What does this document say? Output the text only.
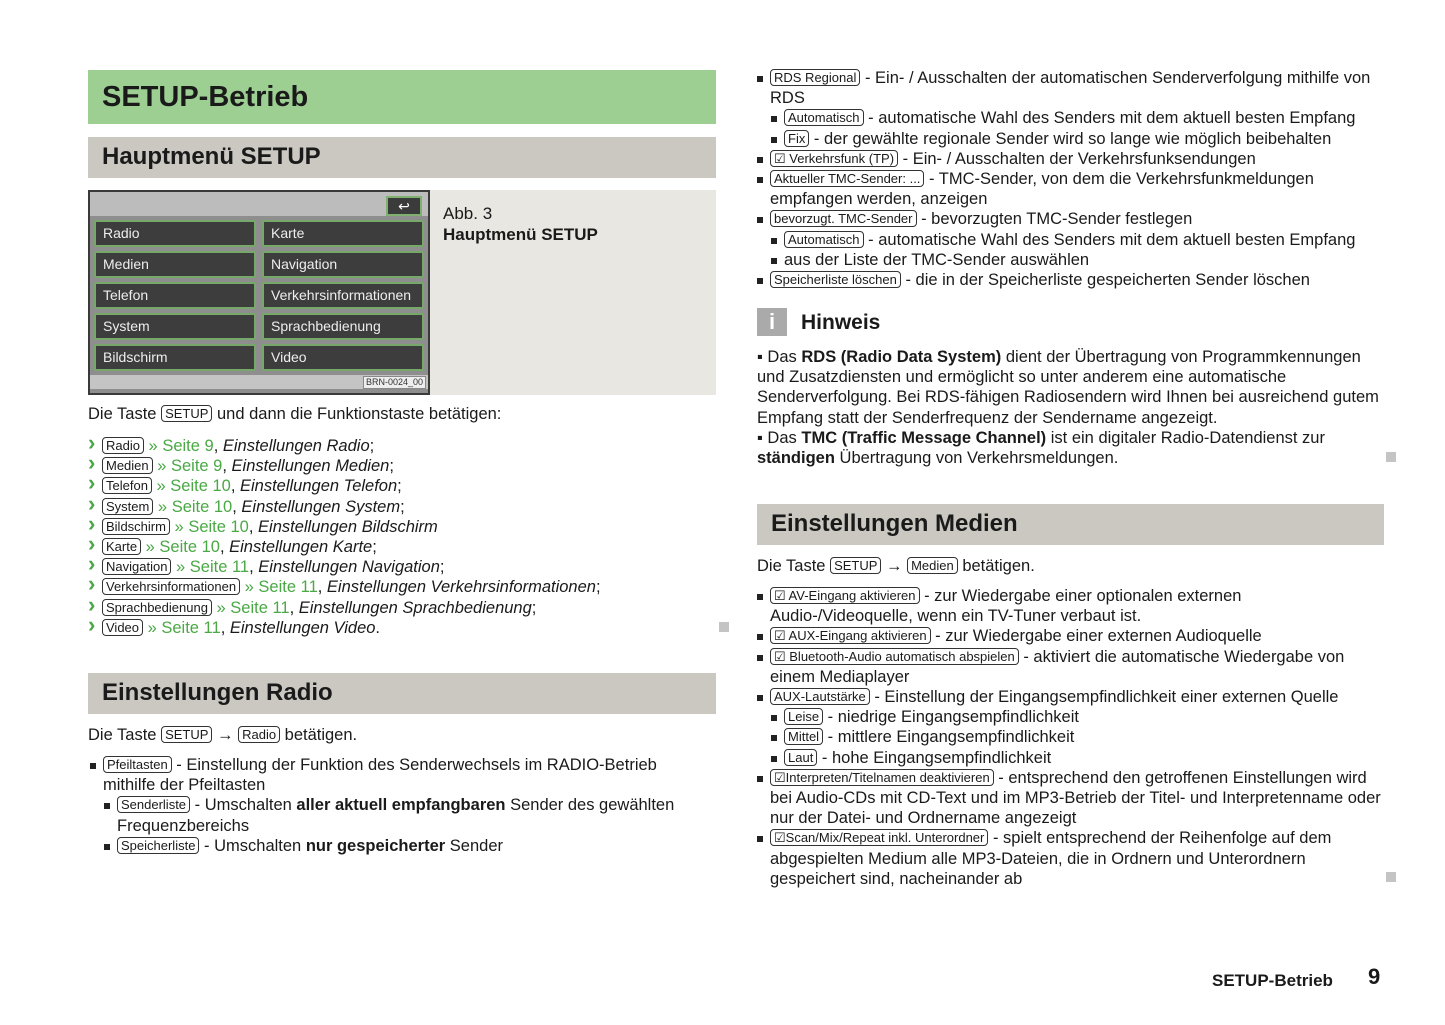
SETUP-Betrieb
Hauptmenü SETUP
↩
Radio	Karte
Medien	Navigation
Telefon	Verkehrsinformationen
System	Sprachbedienung
Bildschirm	Video
BRN-0024_00
Abb. 3
Hauptmenü SETUP
Die Taste SETUP und dann die Funktionstaste betätigen:
› Radio » Seite 9, Einstellungen Radio;
› Medien » Seite 9, Einstellungen Medien;
› Telefon » Seite 10, Einstellungen Telefon;
› System » Seite 10, Einstellungen System;
› Bildschirm » Seite 10, Einstellungen Bildschirm
› Karte » Seite 10, Einstellungen Karte;
› Navigation » Seite 11, Einstellungen Navigation;
› Verkehrsinformationen » Seite 11, Einstellungen Verkehrsinformationen;
› Sprachbedienung » Seite 11, Einstellungen Sprachbedienung;
› Video » Seite 11, Einstellungen Video.
Einstellungen Radio
Die Taste SETUP → Radio betätigen.
Pfeiltasten - Einstellung der Funktion des Senderwechsels im RADIO-Betrieb mithilfe der Pfeiltasten
Senderliste - Umschalten aller aktuell empfangbaren Sender des gewählten Frequenzbereichs
Speicherliste - Umschalten nur gespeicherter Sender
RDS Regional - Ein- / Ausschalten der automatischen Senderverfolgung mithilfe von RDS
Automatisch - automatische Wahl des Senders mit dem aktuell besten Empfang
Fix - der gewählte regionale Sender wird so lange wie möglich beibehalten
☑ Verkehrsfunk (TP) - Ein- / Ausschalten der Verkehrsfunksendungen
Aktueller TMC-Sender: ... - TMC-Sender, von dem die Verkehrsfunkmeldungen empfangen werden, anzeigen
bevorzugt. TMC-Sender - bevorzugten TMC-Sender festlegen
Automatisch - automatische Wahl des Senders mit dem aktuell besten Empfang
aus der Liste der TMC-Sender auswählen
Speicherliste löschen - die in der Speicherliste gespeicherten Sender löschen
i	Hinweis
▪ Das RDS (Radio Data System) dient der Übertragung von Programmkennungen und Zusatzdiensten und ermöglicht so unter anderem eine automatische Senderverfolgung. Bei RDS-fähigen Radiosendern wird Ihnen bei ausreichend gutem Empfang statt der Senderfrequenz der Sendername angezeigt.
▪ Das TMC (Traffic Message Channel) ist ein digitaler Radio-Datendienst zur ständigen Übertragung von Verkehrsmeldungen.
Einstellungen Medien
Die Taste SETUP → Medien betätigen.
☑ AV-Eingang aktivieren - zur Wiedergabe einer optionalen externen Audio-/Videoquelle, wenn ein TV-Tuner verbaut ist.
☑ AUX-Eingang aktivieren - zur Wiedergabe einer externen Audioquelle
☑ Bluetooth-Audio automatisch abspielen - aktiviert die automatische Wiedergabe von einem Mediaplayer
AUX-Lautstärke - Einstellung der Eingangsempfindlichkeit einer externen Quelle
Leise - niedrige Eingangsempfindlichkeit
Mittel - mittlere Eingangsempfindlichkeit
Laut - hohe Eingangsempfindlichkeit
☑Interpreten/Titelnamen deaktivieren - entsprechend den getroffenen Einstellungen wird bei Audio-CDs mit CD-Text und im MP3-Betrieb der Titel- und Interpretenname oder nur der Datei- und Ordnername angezeigt
☑Scan/Mix/Repeat inkl. Unterordner - spielt entsprechend der Reihenfolge auf dem abgespielten Medium alle MP3-Dateien, die in Ordnern und Unterordnern gespeichert sind, nacheinander ab
SETUP-Betrieb 9
